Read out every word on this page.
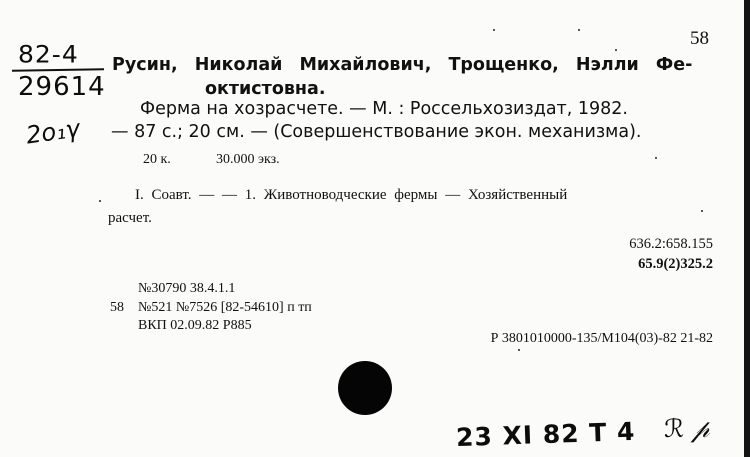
58
82-4
29614
2o₁γ
Русин, Николай Михайлович, Трощенко, Нэлли Фе-
октистовна.
Ферма на хозрасчете. — М. : Россельхозиздат, 1982.
— 87 с.; 20 см. — (Совершенствование экон. механизма).
20 к.	30.000 экз.
I. Соавт. — — 1. Животноводческие фермы — Хозяйственный
расчет.
636.2:658.155
65.9(2)325.2
№30790 38.4.1.1
58 №521 №7526 [82-54610] п тп
ВКП 02.09.82 Р885
Р 3801010000-135/М104(03)-82 21-82
23 XI 82 T 4 ℛ 𝓅
